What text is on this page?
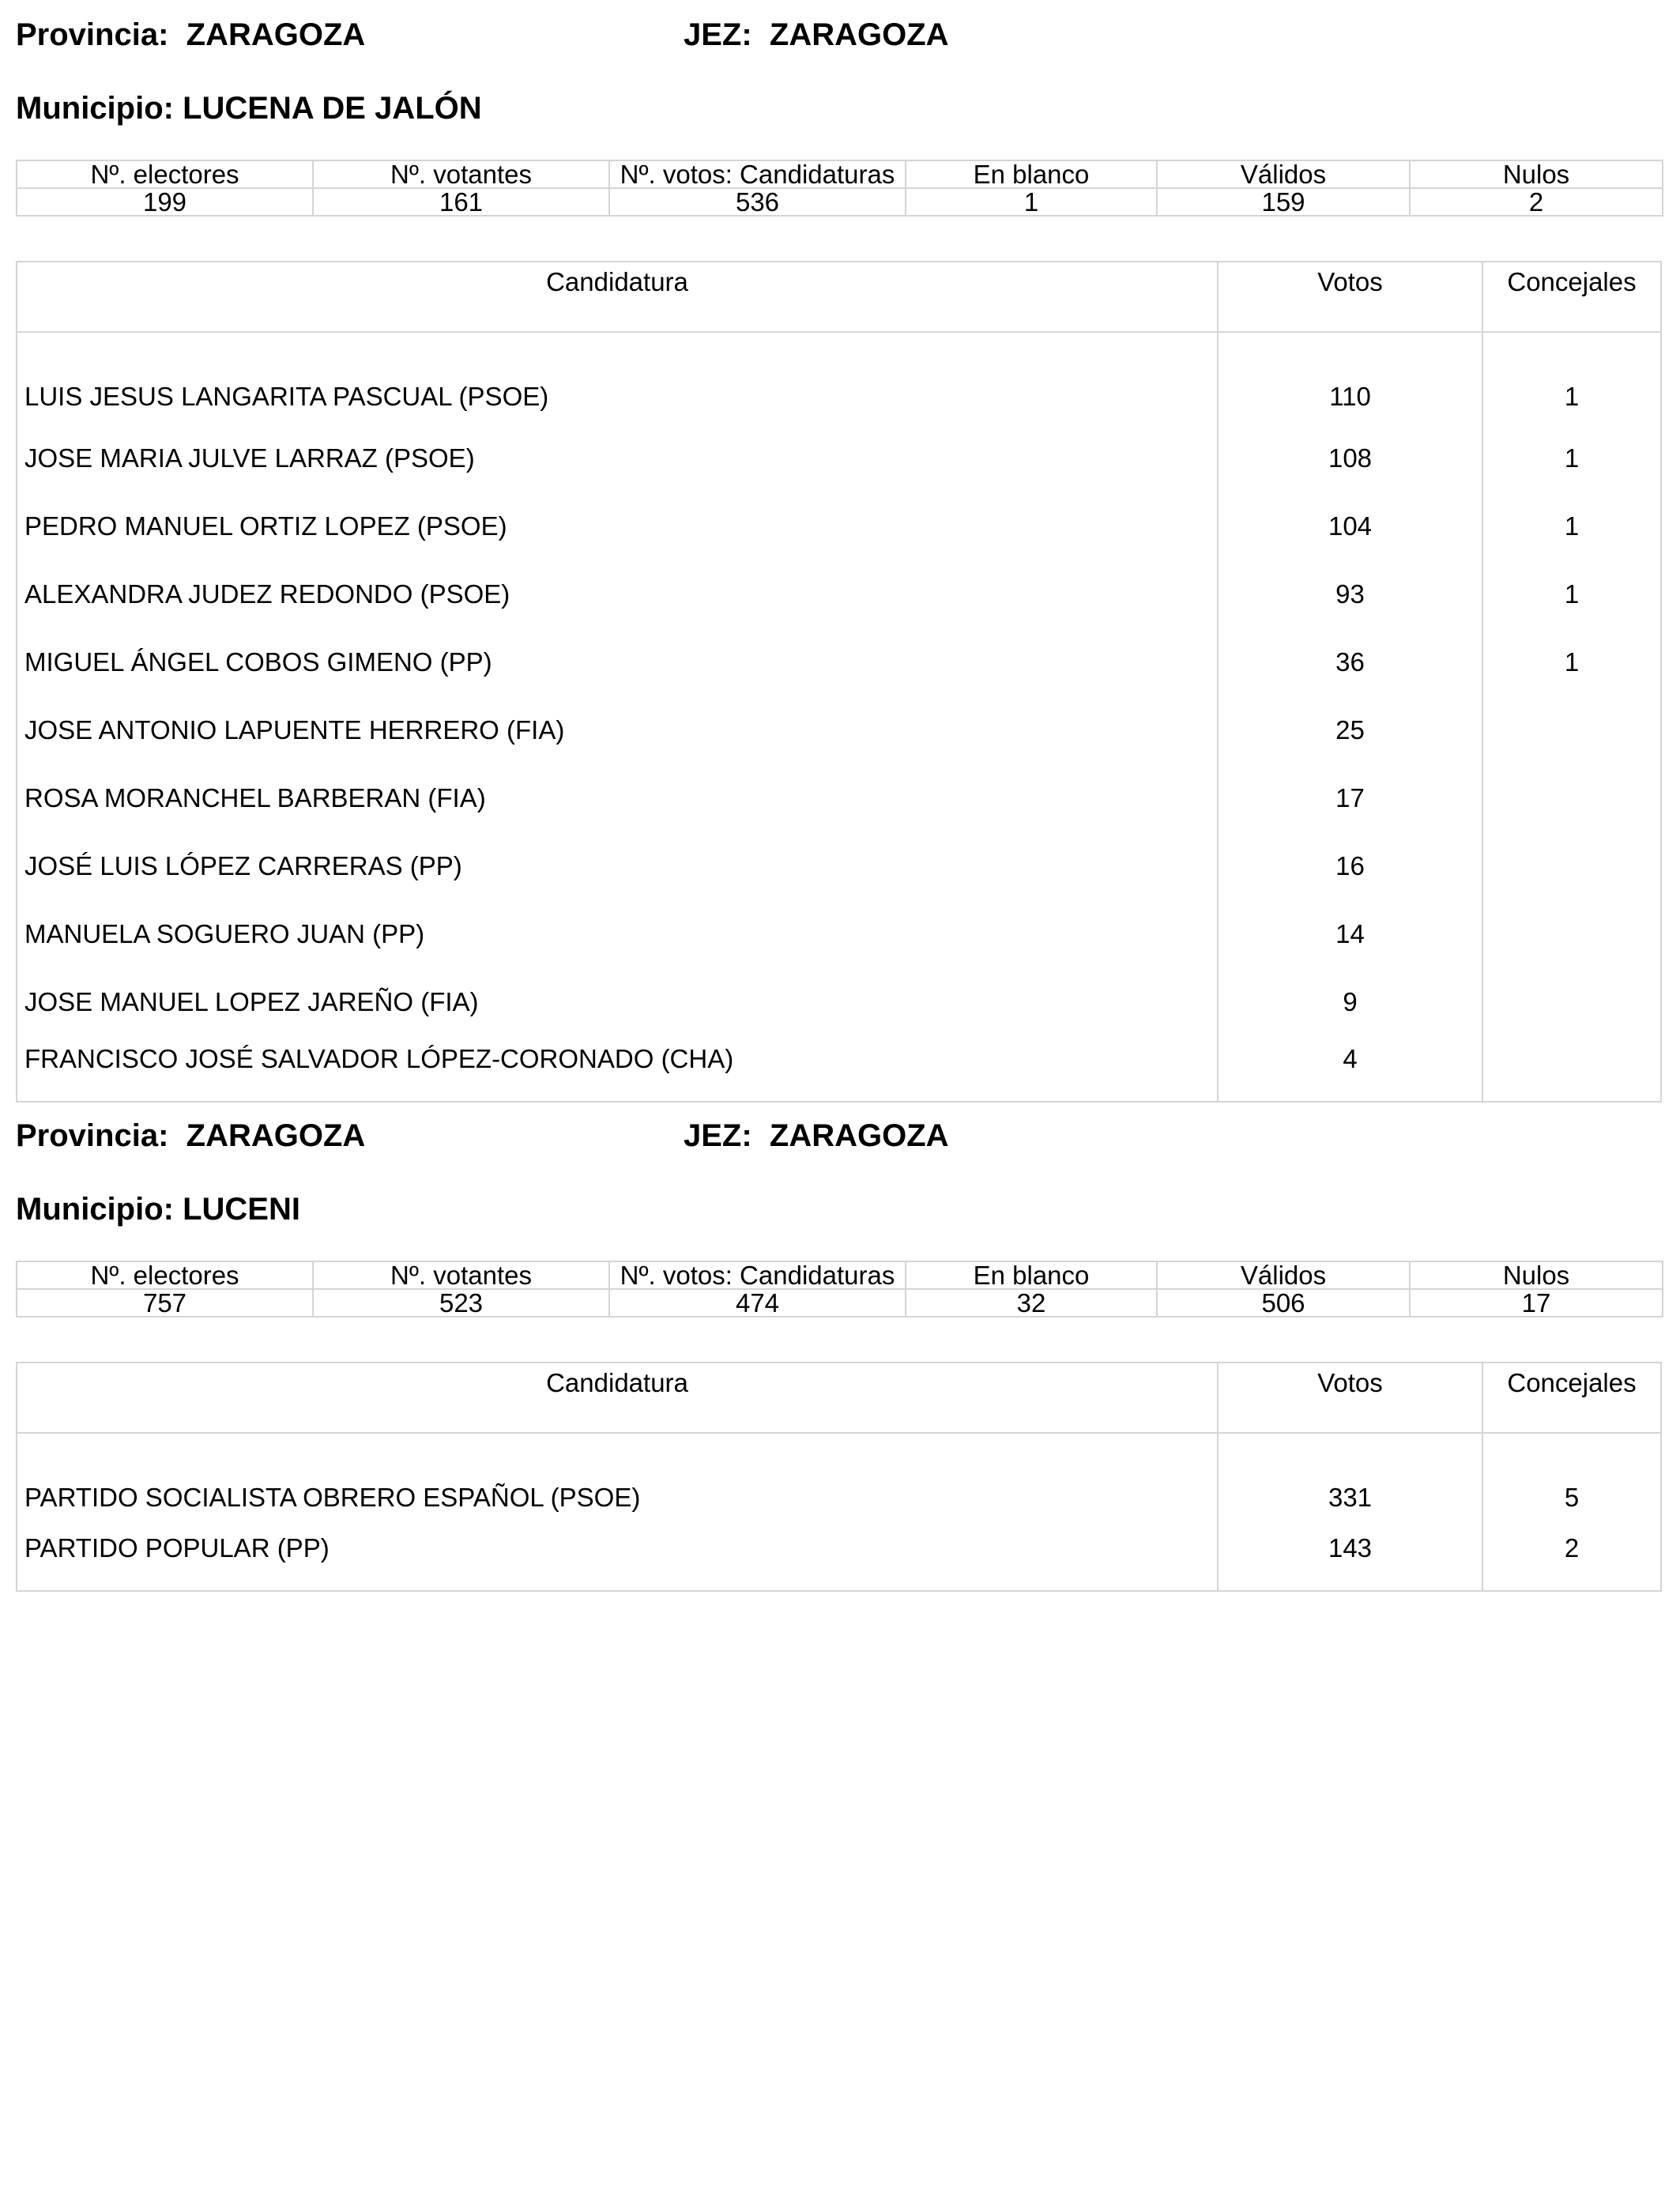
Provincia: ZARAGOZA	JEZ: ZARAGOZA
Municipio: LUCENA DE JALÓN
Nº. electores	Nº. votantes	Nº. votos: Candidaturas	En blanco	Válidos	Nulos
199	161	536	1	159	2
Candidatura	Votos	Concejales
LUIS JESUS LANGARITA PASCUAL (PSOE)	110	1
JOSE MARIA JULVE LARRAZ (PSOE)	108	1
PEDRO MANUEL ORTIZ LOPEZ (PSOE)	104	1
ALEXANDRA JUDEZ REDONDO (PSOE)	93	1
MIGUEL ÁNGEL COBOS GIMENO (PP)	36	1
JOSE ANTONIO LAPUENTE HERRERO (FIA)	25	
ROSA MORANCHEL BARBERAN (FIA)	17	
JOSÉ LUIS LÓPEZ CARRERAS (PP)	16	
MANUELA SOGUERO JUAN (PP)	14	
JOSE MANUEL LOPEZ JAREÑO (FIA)	9	
FRANCISCO JOSÉ SALVADOR LÓPEZ-CORONADO (CHA)	4	
Provincia: ZARAGOZA	JEZ: ZARAGOZA
Municipio: LUCENI
Nº. electores	Nº. votantes	Nº. votos: Candidaturas	En blanco	Válidos	Nulos
757	523	474	32	506	17
Candidatura	Votos	Concejales
PARTIDO SOCIALISTA OBRERO ESPAÑOL (PSOE)	331	5
PARTIDO POPULAR (PP)	143	2
